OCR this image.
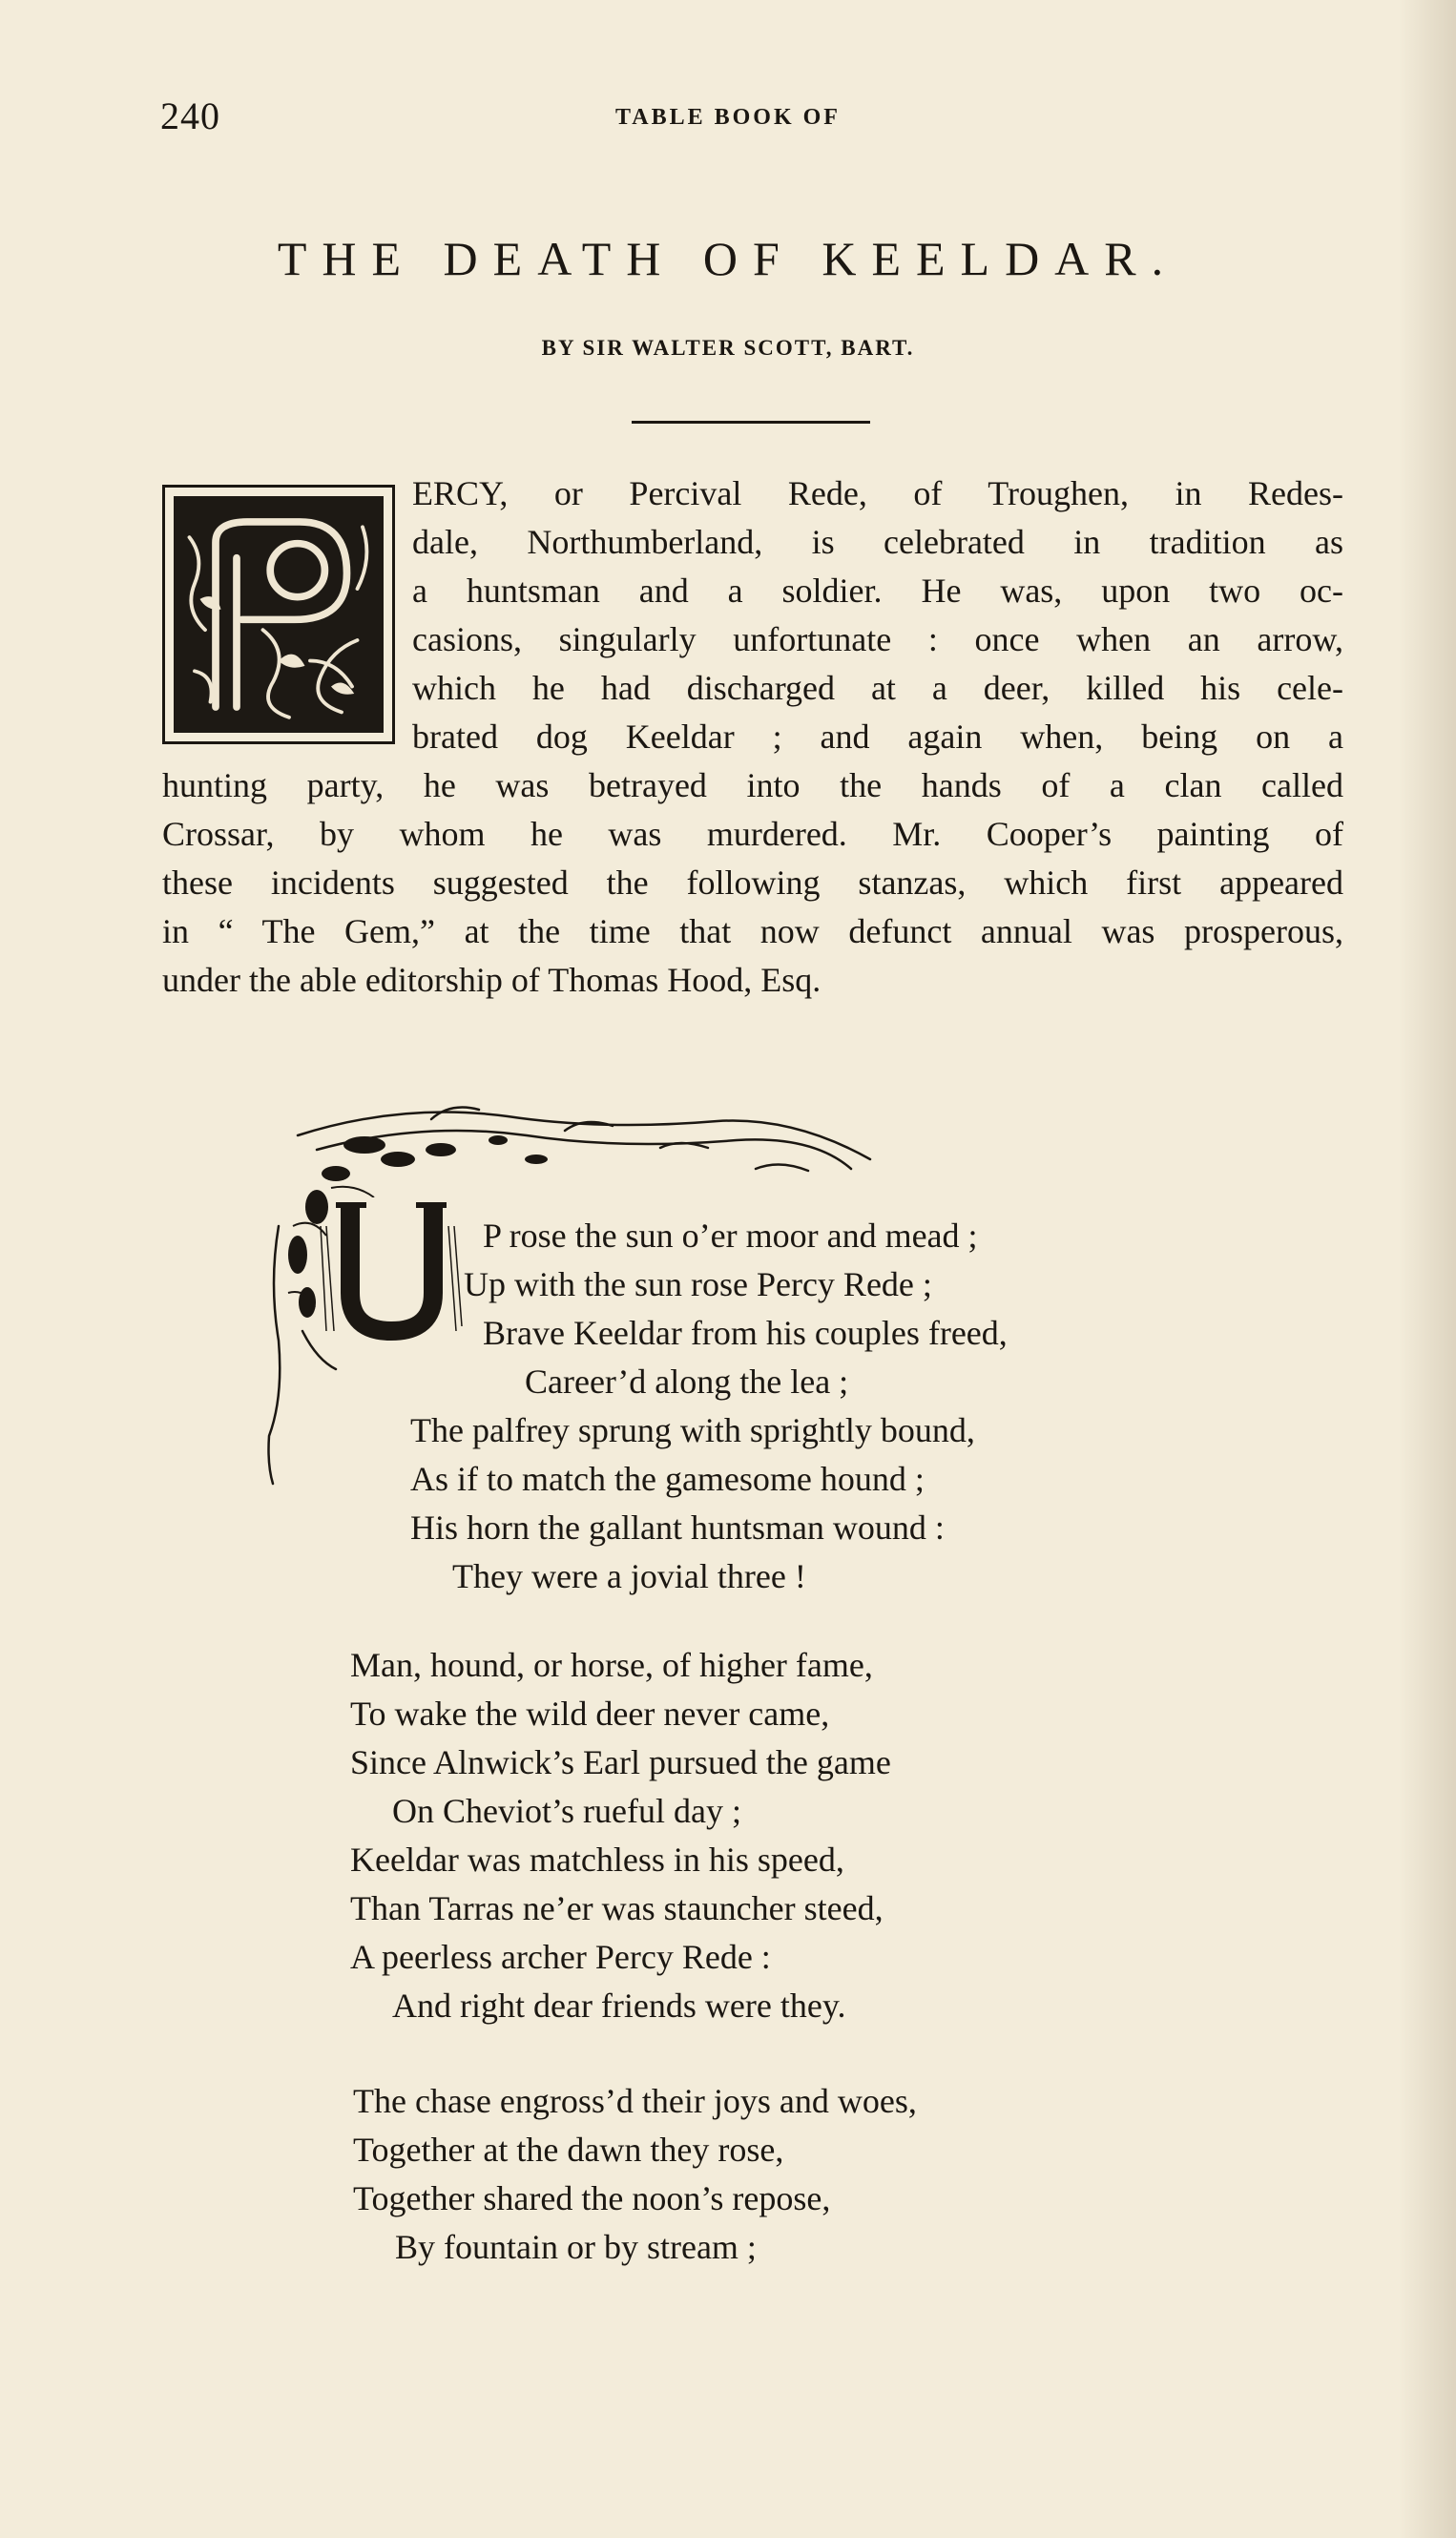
240	TABLE BOOK OF
THE DEATH OF KEELDAR.
BY SIR WALTER SCOTT, BART.
ERCY, or Percival Rede, of Troughen, in Redes-
dale, Northumberland, is celebrated in tradition as
a huntsman and a soldier. He was, upon two oc-
casions, singularly unfortunate : once when an arrow,
which he had discharged at a deer, killed his cele-
brated dog Keeldar ; and again when, being on a
hunting party, he was betrayed into the hands of a clan called
Crossar, by whom he was murdered. Mr. Cooper’s painting of
these incidents suggested the following stanzas, which first appeared
in “ The Gem,” at the time that now defunct annual was prosperous,
under the able editorship of Thomas Hood, Esq.
P rose the sun o’er moor and mead ;
Up with the sun rose Percy Rede ;
Brave Keeldar from his couples freed,
Career’d along the lea ;
The palfrey sprung with sprightly bound,
As if to match the gamesome hound ;
His horn the gallant huntsman wound :
They were a jovial three !
Man, hound, or horse, of higher fame,
To wake the wild deer never came,
Since Alnwick’s Earl pursued the game
On Cheviot’s rueful day ;
Keeldar was matchless in his speed,
Than Tarras ne’er was stauncher steed,
A peerless archer Percy Rede :
And right dear friends were they.
The chase engross’d their joys and woes,
Together at the dawn they rose,
Together shared the noon’s repose,
By fountain or by stream ;
